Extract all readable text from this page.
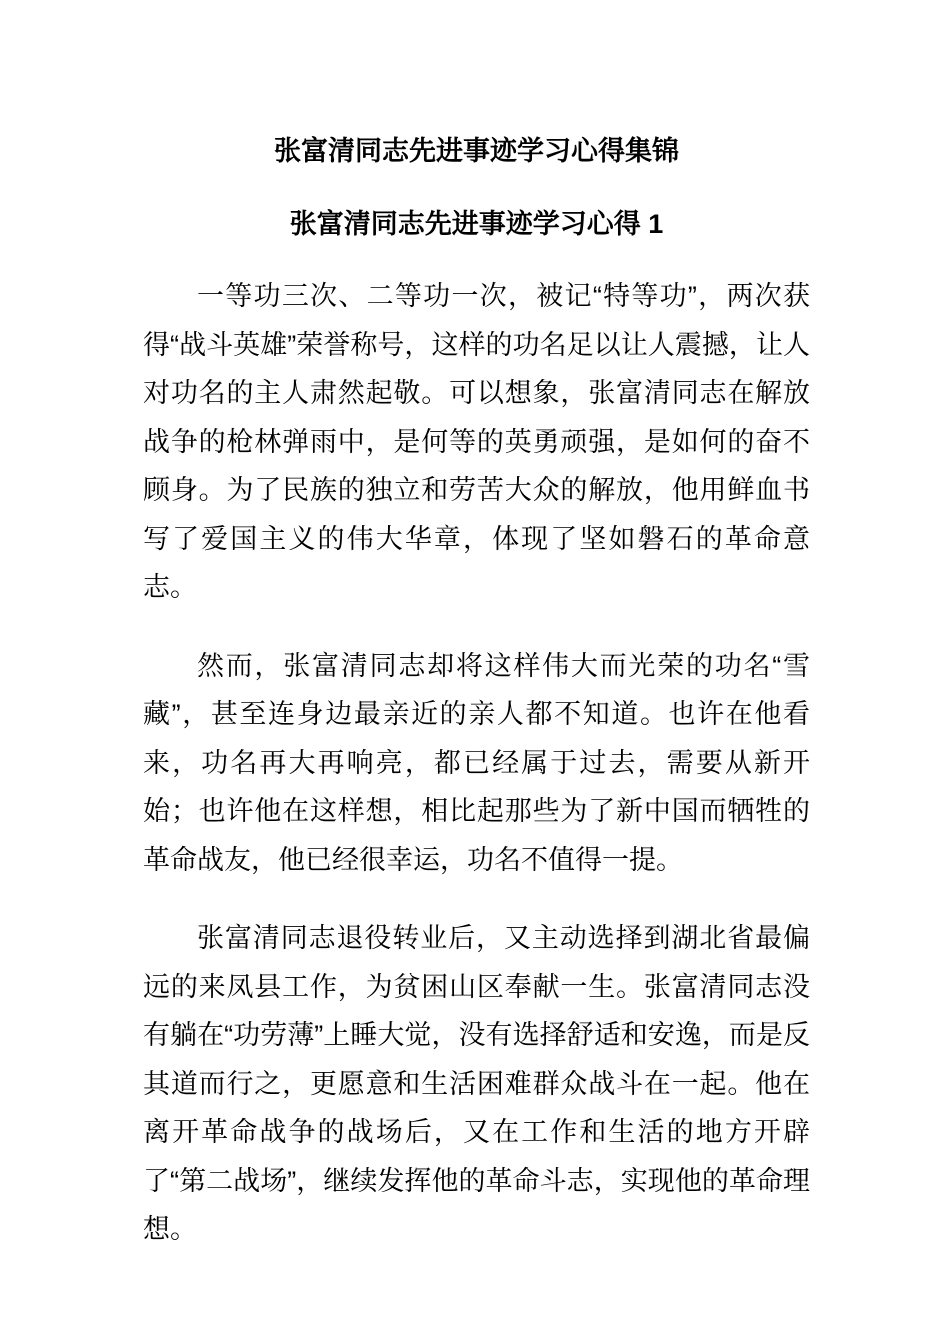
张富清同志先进事迹学习心得集锦
张富清同志先进事迹学习心得 1

一等功三次、二等功一次，被记“特等功”，两次获得“战斗英雄”荣誉称号，这样的功名足以让人震撼，让人对功名的主人肃然起敬。可以想象，张富清同志在解放战争的枪林弹雨中，是何等的英勇顽强，是如何的奋不顾身。为了民族的独立和劳苦大众的解放，他用鲜血书写了爱国主义的伟大华章，体现了坚如磐石的革命意志。

然而，张富清同志却将这样伟大而光荣的功名“雪藏”，甚至连身边最亲近的亲人都不知道。也许在他看来，功名再大再响亮，都已经属于过去，需要从新开始；也许他在这样想，相比起那些为了新中国而牺牲的革命战友，他已经很幸运，功名不值得一提。

张富清同志退役转业后，又主动选择到湖北省最偏远的来凤县工作，为贫困山区奉献一生。张富清同志没有躺在“功劳薄”上睡大觉，没有选择舒适和安逸，而是反其道而行之，更愿意和生活困难群众战斗在一起。他在离开革命战争的战场后，又在工作和生活的地方开辟了“第二战场”，继续发挥他的革命斗志，实现他的革命理想。
